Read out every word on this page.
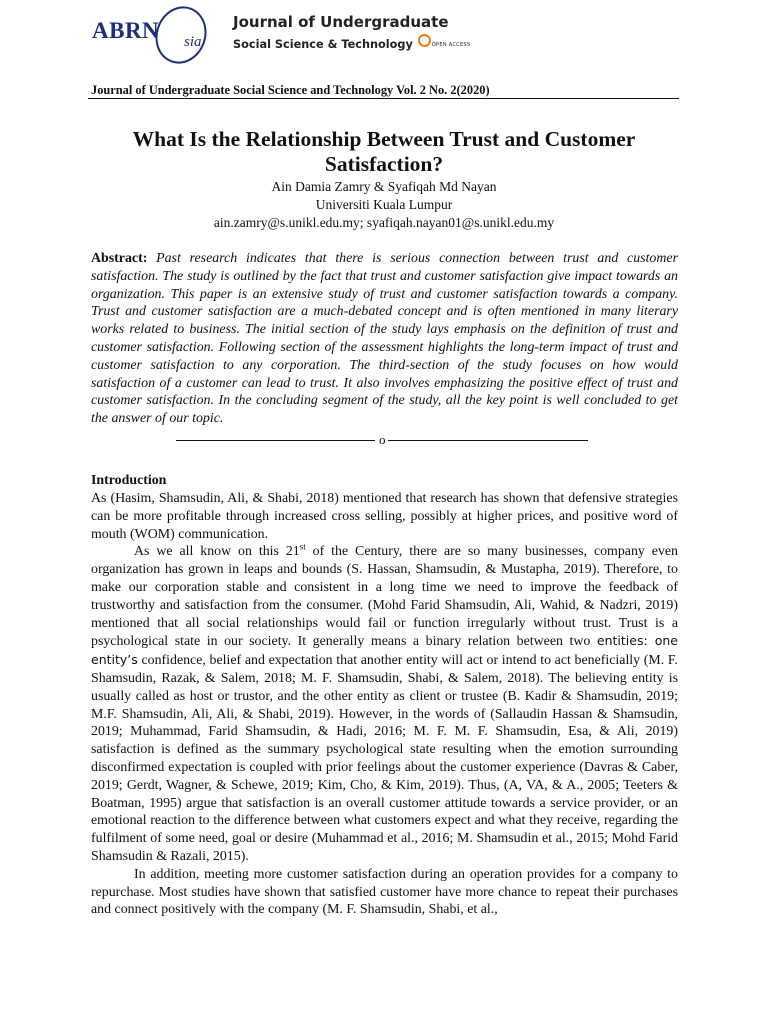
ABRN sia
Journal of Undergraduate
Social Science & Technology	OPEN ACCESS
Journal of Undergraduate Social Science and Technology Vol. 2 No. 2(2020)
What Is the Relationship Between Trust and Customer Satisfaction?
Ain Damia Zamry & Syafiqah Md Nayan
Universiti Kuala Lumpur
ain.zamry@s.unikl.edu.my; syafiqah.nayan01@s.unikl.edu.my
Abstract: Past research indicates that there is serious connection between trust and customer satisfaction. The study is outlined by the fact that trust and customer satisfaction give impact towards an organization. This paper is an extensive study of trust and customer satisfaction towards a company. Trust and customer satisfaction are a much-debated concept and is often mentioned in many literary works related to business. The initial section of the study lays emphasis on the definition of trust and customer satisfaction. Following section of the assessment highlights the long-term impact of trust and customer satisfaction to any corporation. The third-section of the study focuses on how would satisfaction of a customer can lead to trust. It also involves emphasizing the positive effect of trust and customer satisfaction. In the concluding segment of the study, all the key point is well concluded to get the answer of our topic.
o
Introduction

As (Hasim, Shamsudin, Ali, & Shabi, 2018) mentioned that research has shown that defensive strategies can be more profitable through increased cross selling, possibly at higher prices, and positive word of mouth (WOM) communication.

As we all know on this 21st of the Century, there are so many businesses, company even organization has grown in leaps and bounds (S. Hassan, Shamsudin, & Mustapha, 2019). Therefore, to make our corporation stable and consistent in a long time we need to improve the feedback of trustworthy and satisfaction from the consumer. (Mohd Farid Shamsudin, Ali, Wahid, & Nadzri, 2019) mentioned that all social relationships would fail or function irregularly without trust. Trust is a psychological state in our society. It generally means a binary relation between two entities: one entity’s confidence, belief and expectation that another entity will act or intend to act beneficially (M. F. Shamsudin, Razak, & Salem, 2018; M. F. Shamsudin, Shabi, & Salem, 2018). The believing entity is usually called as host or trustor, and the other entity as client or trustee (B. Kadir & Shamsudin, 2019; M.F. Shamsudin, Ali, Ali, & Shabi, 2019). However, in the words of (Sallaudin Hassan & Shamsudin, 2019; Muhammad, Farid Shamsudin, & Hadi, 2016; M. F. M. F. Shamsudin, Esa, & Ali, 2019) satisfaction is defined as the summary psychological state resulting when the emotion surrounding disconfirmed expectation is coupled with prior feelings about the customer experience (Davras & Caber, 2019; Gerdt, Wagner, & Schewe, 2019; Kim, Cho, & Kim, 2019). Thus, (A, VA, & A., 2005; Teeters & Boatman, 1995) argue that satisfaction is an overall customer attitude towards a service provider, or an emotional reaction to the difference between what customers expect and what they receive, regarding the fulfilment of some need, goal or desire (Muhammad et al., 2016; M. Shamsudin et al., 2015; Mohd Farid Shamsudin & Razali, 2015).

In addition, meeting more customer satisfaction during an operation provides for a company to repurchase. Most studies have shown that satisfied customer have more chance to repeat their purchases and connect positively with the company (M. F. Shamsudin, Shabi, et al.,
